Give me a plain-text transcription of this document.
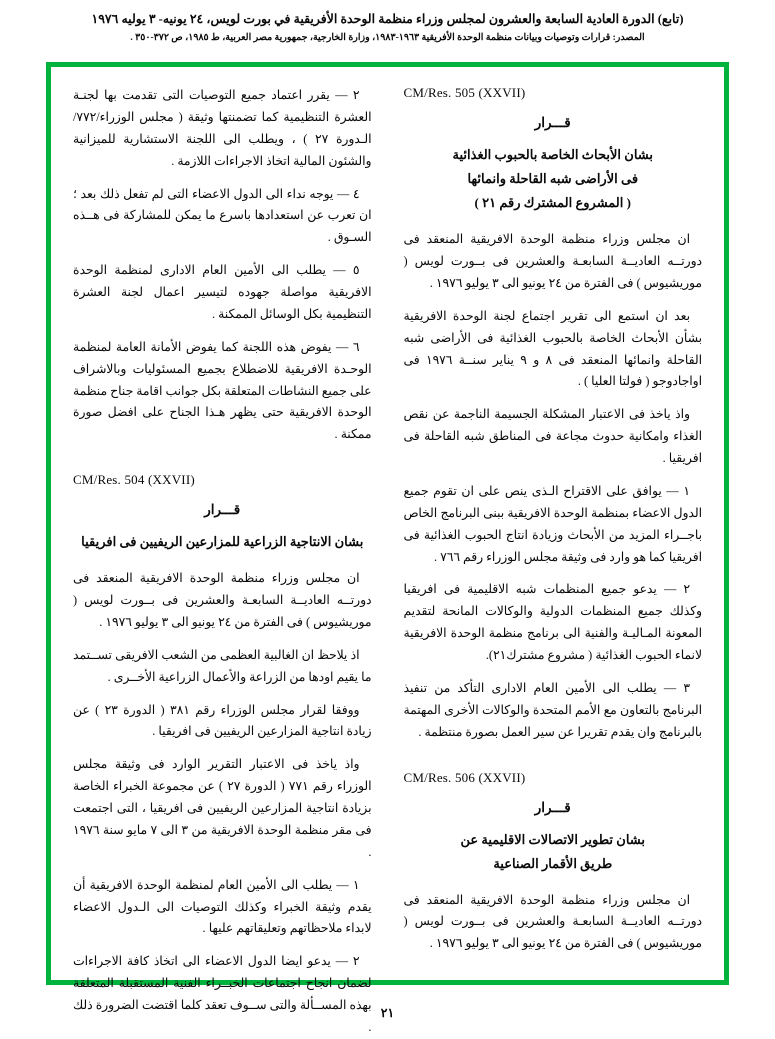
(تابع) الدورة العادية السابعة والعشرون لمجلس وزراء منظمة الوحدة الأفريقية في بورت لويس، ٢٤ يونيه- ٣ يوليه ١٩٧٦
المصدر: قرارات وتوصيات وبيانات منظمة الوحدة الأفريقية ١٩٦٣-١٩٨٣، وزارة الخارجية، جمهورية مصر العربية، ط ١٩٨٥، ص ٣٧٢-٣٥٠ .
CM/Res. 505 (XXVII)
قـــرار
بشان الأبحاث الخاصة بالحبوب الغذائية
فى الأراضى شبه القاحلة وانمائها
( المشروع المشترك رقم ٢١ )

ان مجلس وزراء منظمة الوحدة الافريقية المنعقد فى دورتــه العاديــة السابعـة والعشرين فى بــورت لويس ( موريشيوس ) فى الفترة من ٢٤ يونيو الى ٣ يوليو ١٩٧٦ .

بعد ان استمع الى تقرير اجتماع لجنة الوحدة الافريقية بشأن الأبحاث الخاصة بالحبوب الغذائية فى الأراضى شبه القاحلة وانمائها المنعقد فى ٨ و ٩ يناير سنــة ١٩٧٦ فى اواجادوجو ( فولتا العليا ) .

واذ ياخذ فى الاعتبار المشكلة الجسيمة الناجمة عن نقص الغذاء وامكانية حدوث مجاعة فى المناطق شبه القاحلة فى افريقيا .

١ — يوافق على الاقتراح الـذى ينص على ان تقوم جميع الدول الاعضاء بمنظمة الوحدة الافريقية ببنى البرنامج الخاص باجــراء المزيد من الأبحاث وزيادة انتاج الحبوب الغذائية فى افريقيا كما هو وارد فى وثيقة مجلس الوزراء رقم ٧٦٦ .

٢ — يدعو جميع المنظمات شبه الاقليمية فى افريقيا وكذلك جميع المنظمات الدولية والوكالات المانحة لتقديم المعونة المـاليـة والفنية الى برنامج منظمة الوحدة الافريقية لانماء الحبوب الغذائية ( مشروع مشترك٢١).

٣ — يطلب الى الأمين العام الادارى التأكد من تنفيذ البرنامج بالتعاون مع الأمم المتحدة والوكالات الأخرى المهتمة بالبرنامج وان يقدم تقريرا عن سير العمل بصورة منتظمة .

CM/Res. 506 (XXVII)
قـــرار
بشان تطوير الاتصالات الاقليمية عن
طريق الأقمار الصناعية

ان مجلس وزراء منظمة الوحدة الافريقية المنعقد فى دورتــه العاديــة السابعـة والعشرين فى بــورت لويس ( موريشيوس ) فى الفترة من ٢٤ يونيو الى ٣ يوليو ١٩٧٦ .

٢ — يقرر اعتماد جميع التوصيات التى تقدمت بها لجنـة العشرة التنظيمية كما تضمنتها وثيقة ( مجلس الوزراء/٧٧٢/ الـدورة ٢٧ ) ، ويطلب الى اللجنة الاستشارية للميزانية والشئون المالية اتخاذ الاجراءات اللازمة .

٤ — يوجه نداء الى الدول الاعضاء التى لم تفعل ذلك بعد ؛ ان تعرب عن استعدادها باسرع ما يمكن للمشاركة فى هــذه السـوق .

٥ — يطلب الى الأمين العام الادارى لمنظمة الوحدة الافريقية مواصلة جهوده لتيسير اعمال لجنة العشرة التنظيمية بكل الوسائل الممكنة .

٦ — يفوض هذه اللجنة كما يفوض الأمانة العامة لمنظمة الوحـدة الافريقية للاضطلاع بجميع المسئوليات وبالاشراف على جميع النشاطات المتعلقة بكل جوانب اقامة جناح منظمة الوحدة الافريقية حتى يظهر هـذا الجناح على افضل صورة ممكنة .

CM/Res. 504 (XXVII)
قـــرار
بشان الانتاجية الزراعية للمزارعين الريفيين فى افريقيا

ان مجلس وزراء منظمة الوحدة الافريقية المنعقد فى دورتــه العاديــة السابعـة والعشرين فى بــورت لويس ( موريشيوس ) فى الفترة من ٢٤ يونيو الى ٣ يوليو ١٩٧٦ .

اذ يلاحظ ان الغالبية العظمى من الشعب الافريقى تســتمد ما يقيم اودها من الزراعة والأعمال الزراعية الأخــرى .

ووفقا لقرار مجلس الوزراء رقم ٣٨١ ( الدورة ٢٣ ) عن زيادة انتاجية المزارعين الريفيين فى افريقيا .

واذ ياخذ فى الاعتبار التقرير الوارد فى وثيقة مجلس الوزراء رقم ٧٧١ ( الدورة ٢٧ ) عن مجموعة الخبراء الخاصة بزيادة انتاجية المزارعين الريفيين فى افريقيا ، التى اجتمعت فى مقر منظمة الوحدة الافريقية من ٣ الى ٧ مايو سنة ١٩٧٦ .

١ — يطلب الى الأمين العام لمنظمة الوحدة الافريقية أن يقدم وثيقة الخبراء وكذلك التوصيات الى الـدول الاعضاء لابداء ملاحظاتهم وتعليقاتهم عليها .

٢ — يدعو ايضا الدول الاعضاء الى اتخاذ كافة الاجراءات لضمان انجاح اجتماعات الخبــراء الفنية المستقبلة المتعلقة بهذه المســألة والتى ســوف تعقد كلما اقتضت الضرورة ذلك .

٢١
